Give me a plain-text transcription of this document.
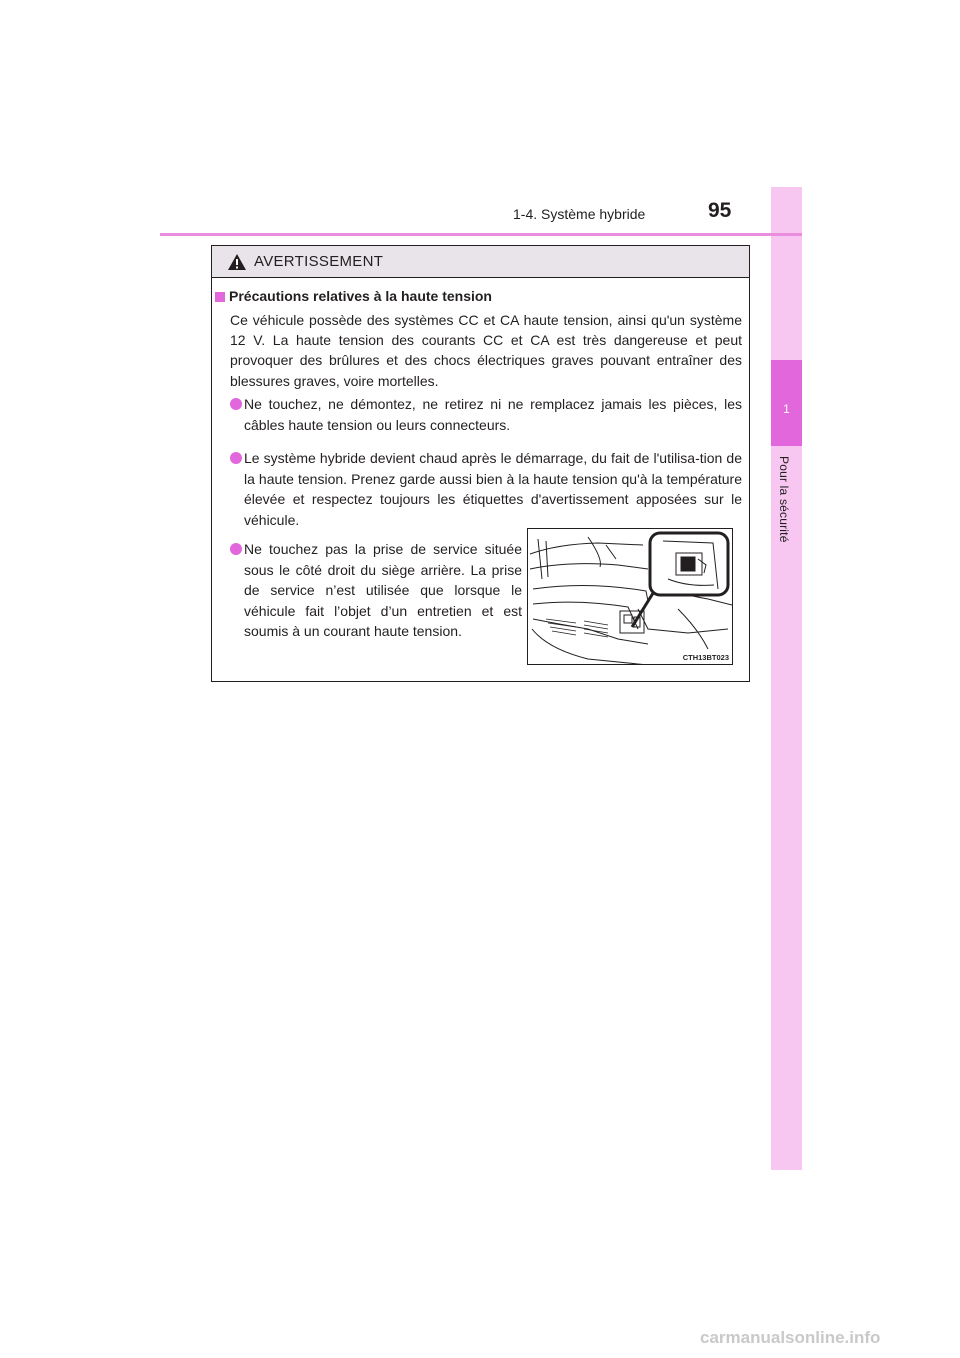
1
Pour la sécurité
1-4. Système hybride	95
AVERTISSEMENT
Précautions relatives à la haute tension

Ce véhicule possède des systèmes CC et CA haute tension, ainsi qu'un système 12 V. La haute tension des courants CC et CA est très dangereuse et peut provoquer des brûlures et des chocs électriques graves pouvant entraîner des blessures graves, voire mortelles.

Ne touchez, ne démontez, ne retirez ni ne remplacez jamais les pièces, les câbles haute tension ou leurs connecteurs.
Le système hybride devient chaud après le démarrage, du fait de l'utilisa-tion de la haute tension. Prenez garde aussi bien à la haute tension qu'à la température élevée et respectez toujours les étiquettes d'avertissement apposées sur le véhicule.
Ne touchez pas la prise de service située sous le côté droit du siège arrière. La prise de service n’est utilisée que lorsque le véhicule fait l’objet d’un entretien et est soumis à un courant haute tension.
CTH13BT023
carmanualsonline.info
